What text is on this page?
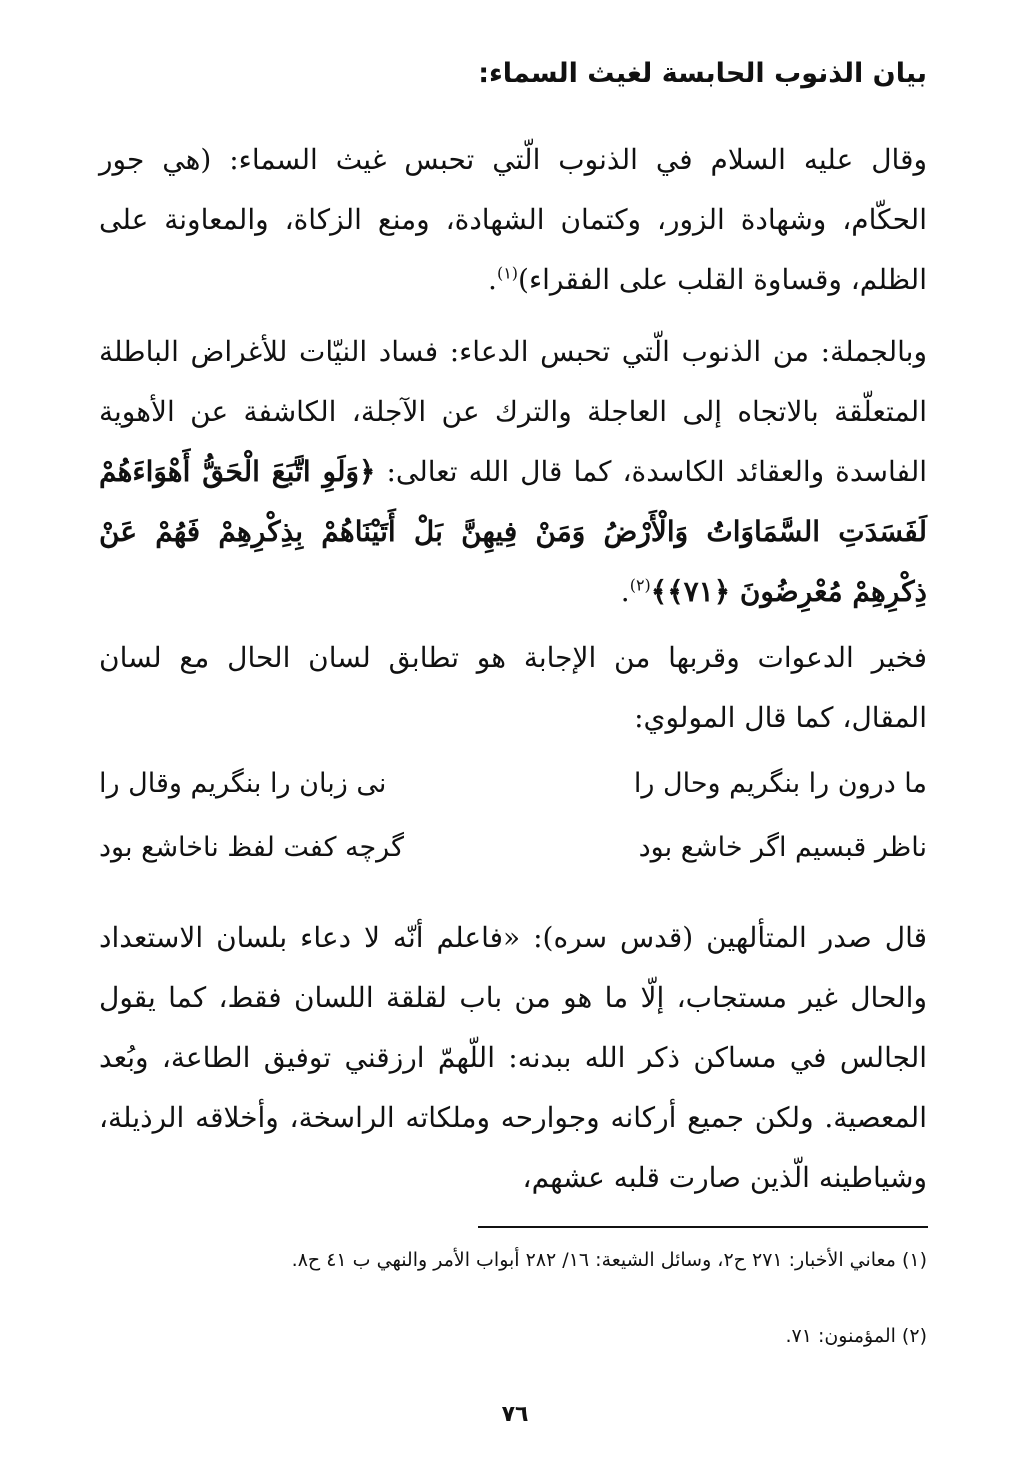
بيان الذنوب الحابسة لغيث السماء:

وقال عليه السلام في الذنوب الّتي تحبس غيث السماء: (هي جور الحكّام، وشهادة الزور، وكتمان الشهادة، ومنع الزكاة، والمعاونة على الظلم، وقساوة القلب على الفقراء)$^{(١)}$.

وبالجملة: من الذنوب الّتي تحبس الدعاء: فساد النيّات للأغراض الباطلة المتعلّقة بالاتجاه إلى العاجلة والترك عن الآجلة، الكاشفة عن الأهوية الفاسدة والعقائد الكاسدة، كما قال الله تعالى: ﴿وَلَوِ اتَّبَعَ الْحَقُّ أَهْوَاءَهُمْ لَفَسَدَتِ السَّمَاوَاتُ وَالْأَرْضُ وَمَنْ فِيهِنَّ بَلْ أَتَيْنَاهُمْ بِذِكْرِهِمْ فَهُمْ عَنْ ذِكْرِهِمْ مُعْرِضُونَ ﴿٧١﴾﴾$^{(٢)}$.

فخير الدعوات وقربها من الإجابة هو تطابق لسان الحال مع لسان المقال، كما قال المولوي:

ما درون را بنگریم وحال را
نی زبان را بنگریم وقال را
ناظر قبسیم اگر خاشع بود
گرچه کفت لفظ ناخاشع بود

قال صدر المتألهين (قدس سره): «فاعلم أنّه لا دعاء بلسان الاستعداد والحال غير مستجاب، إلّا ما هو من باب لقلقة اللسان فقط، كما يقول الجالس في مساكن ذكر الله ببدنه: اللّهمّ ارزقني توفيق الطاعة، وبُعد المعصية. ولكن جميع أركانه وجوارحه وملكاته الراسخة، وأخلاقه الرذيلة، وشياطينه الّذين صارت قلبه عشهم،

(١) معاني الأخبار: ٢٧١ ح٢، وسائل الشيعة: ١٦/ ٢٨٢ أبواب الأمر والنهي ب ٤١ ح٨.
(٢) المؤمنون: ٧١.
٧٦
